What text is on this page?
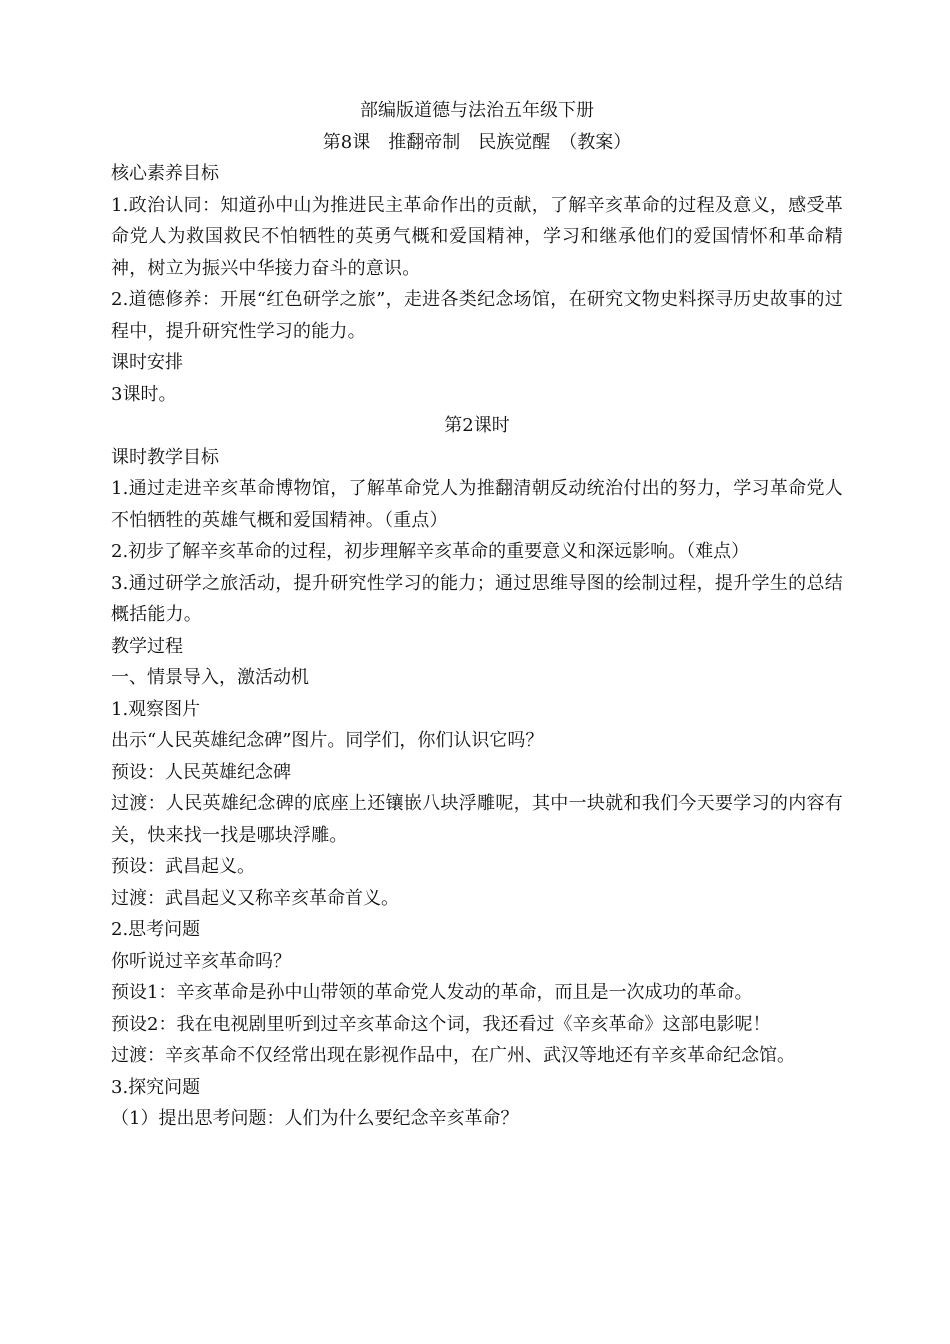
部编版道德与法治五年级下册
第8课　推翻帝制　民族觉醒　（教案）
核心素养目标
1.政治认同：知道孙中山为推进民主革命作出的贡献，了解辛亥革命的过程及意义，感受革命党人为救国救民不怕牺牲的英勇气概和爱国精神，学习和继承他们的爱国情怀和革命精神，树立为振兴中华接力奋斗的意识。
2.道德修养：开展“红色研学之旅”，走进各类纪念场馆，在研究文物史料探寻历史故事的过程中，提升研究性学习的能力。
课时安排
3课时。
第2课时
课时教学目标
1.通过走进辛亥革命博物馆，了解革命党人为推翻清朝反动统治付出的努力，学习革命党人不怕牺牲的英雄气概和爱国精神。（重点）
2.初步了解辛亥革命的过程，初步理解辛亥革命的重要意义和深远影响。（难点）
3.通过研学之旅活动，提升研究性学习的能力；通过思维导图的绘制过程，提升学生的总结概括能力。
教学过程
一、情景导入，激活动机
1.观察图片
出示“人民英雄纪念碑”图片。同学们，你们认识它吗？
预设：人民英雄纪念碑
过渡：人民英雄纪念碑的底座上还镶嵌八块浮雕呢，其中一块就和我们今天要学习的内容有关，快来找一找是哪块浮雕。
预设：武昌起义。
过渡：武昌起义又称辛亥革命首义。
2.思考问题
你听说过辛亥革命吗？
预设1：辛亥革命是孙中山带领的革命党人发动的革命，而且是一次成功的革命。
预设2：我在电视剧里听到过辛亥革命这个词，我还看过《辛亥革命》这部电影呢！
过渡：辛亥革命不仅经常出现在影视作品中，在广州、武汉等地还有辛亥革命纪念馆。
3.探究问题
（1）提出思考问题：人们为什么要纪念辛亥革命？
